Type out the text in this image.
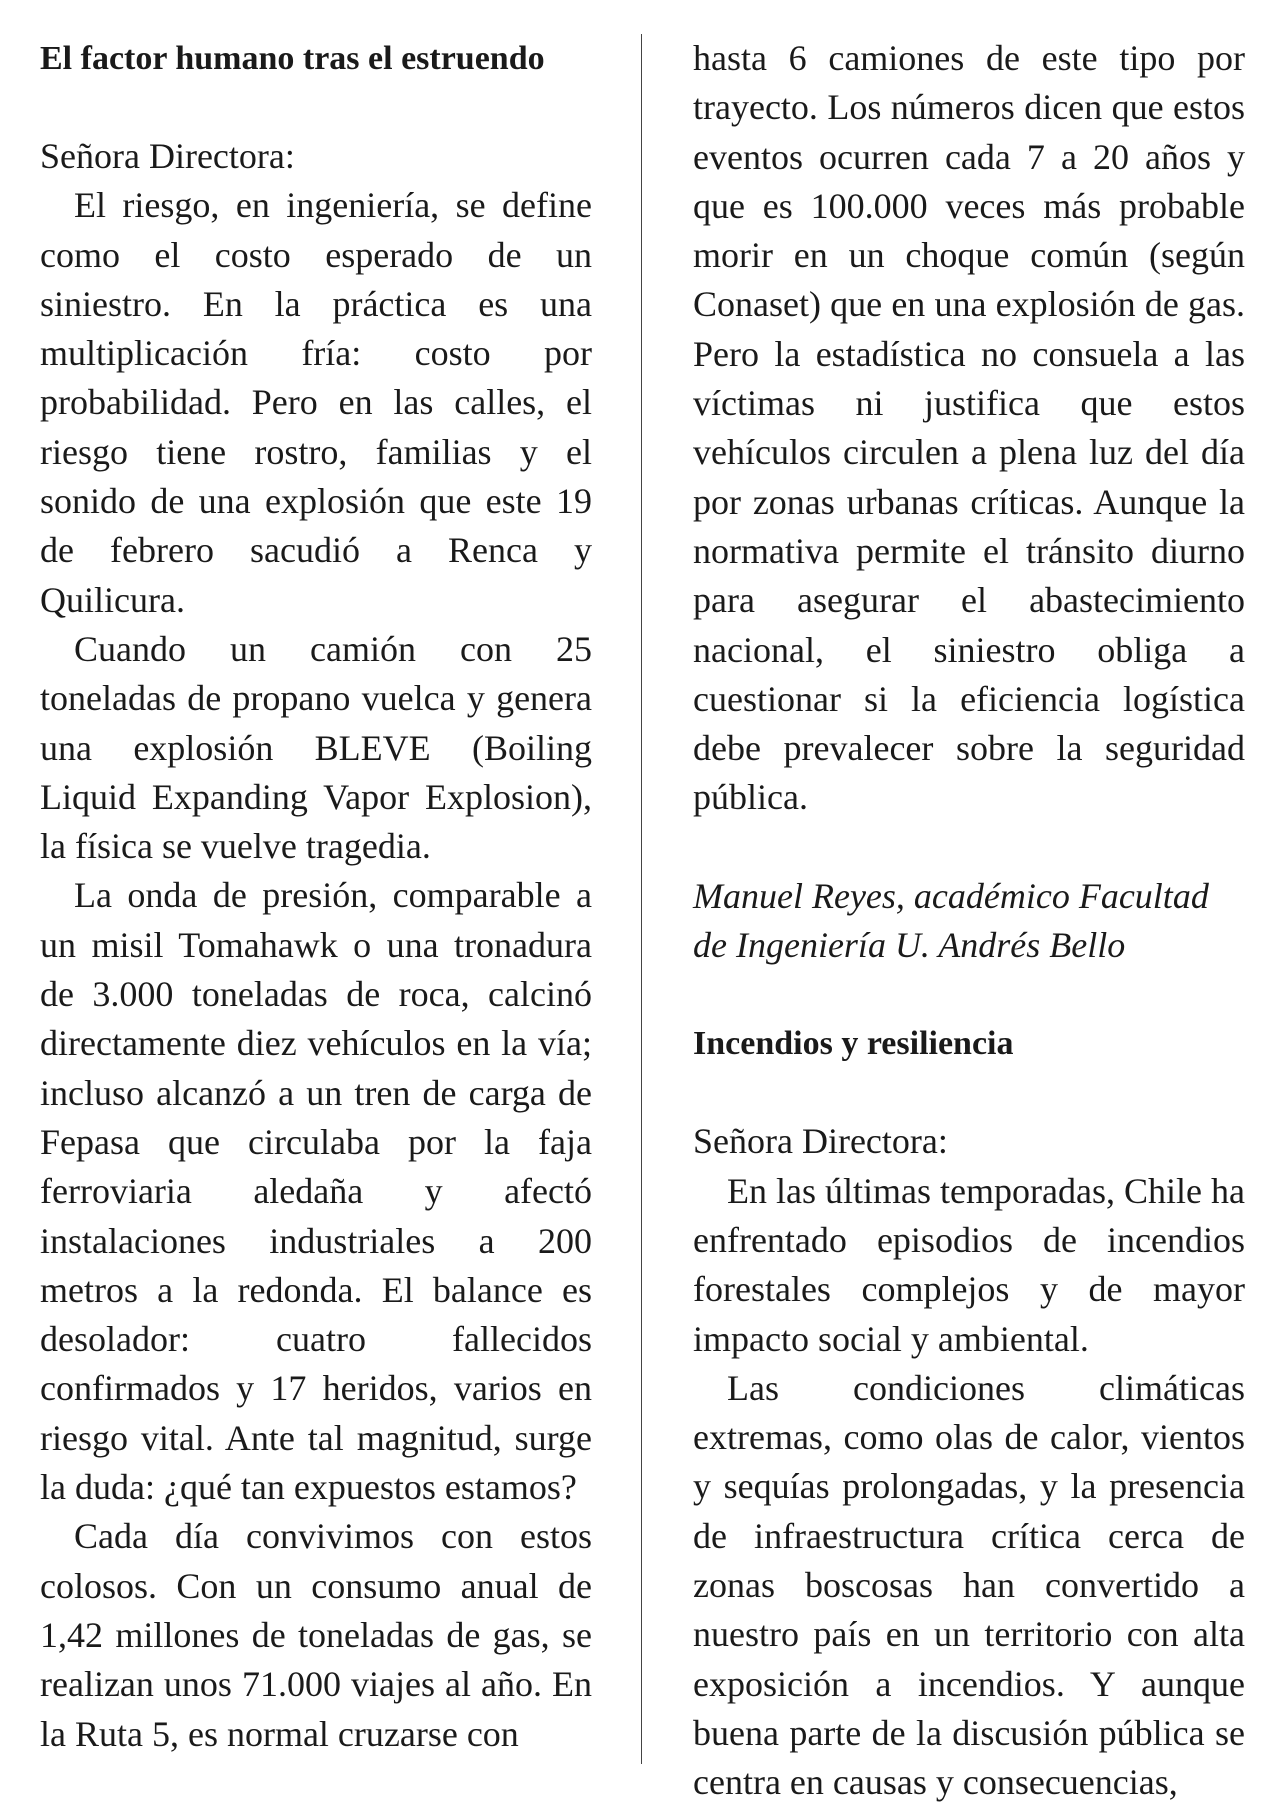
El factor humano tras el estruendo
Señora Directora:

El riesgo, en ingeniería, se define como el costo esperado de un siniestro. En la práctica es una multiplicación fría: costo por probabilidad. Pero en las calles, el riesgo tiene rostro, familias y el sonido de una explosión que este 19 de febrero sacudió a Renca y Quilicura.

Cuando un camión con 25 toneladas de propano vuelca y genera una explosión BLEVE (Boiling Liquid Expanding Vapor Explosion), la física se vuelve tragedia.

La onda de presión, comparable a un misil Tomahawk o una tronadura de 3.000 toneladas de roca, calcinó directamente diez vehículos en la vía; incluso alcanzó a un tren de carga de Fepasa que circulaba por la faja ferroviaria aledaña y afectó instalaciones industriales a 200 metros a la redonda. El balance es desolador: cuatro fallecidos confirmados y 17 heridos, varios en riesgo vital. Ante tal magnitud, surge la duda: ¿qué tan expuestos estamos?

Cada día convivimos con estos colosos. Con un consumo anual de 1,42 millones de toneladas de gas, se realizan unos 71.000 viajes al año. En la Ruta 5, es normal cruzarse con

hasta 6 camiones de este tipo por trayecto. Los números dicen que estos eventos ocurren cada 7 a 20 años y que es 100.000 veces más probable morir en un choque común (según Conaset) que en una explosión de gas. Pero la estadística no consuela a las víctimas ni justifica que estos vehículos circulen a plena luz del día por zonas urbanas críticas. Aunque la normativa permite el tránsito diurno para asegurar el abastecimiento nacional, el siniestro obliga a cuestionar si la eficiencia logística debe prevalecer sobre la seguridad pública.

Manuel Reyes, académico Facultad de Ingeniería U. Andrés Bello
Incendios y resiliencia
Señora Directora:

En las últimas temporadas, Chile ha enfrentado episodios de incendios forestales complejos y de mayor impacto social y ambiental.

Las condiciones climáticas extremas, como olas de calor, vientos y sequías prolongadas, y la presencia de infraestructura crítica cerca de zonas boscosas han convertido a nuestro país en un territorio con alta exposición a incendios. Y aunque buena parte de la discusión pública se centra en causas y consecuencias,
